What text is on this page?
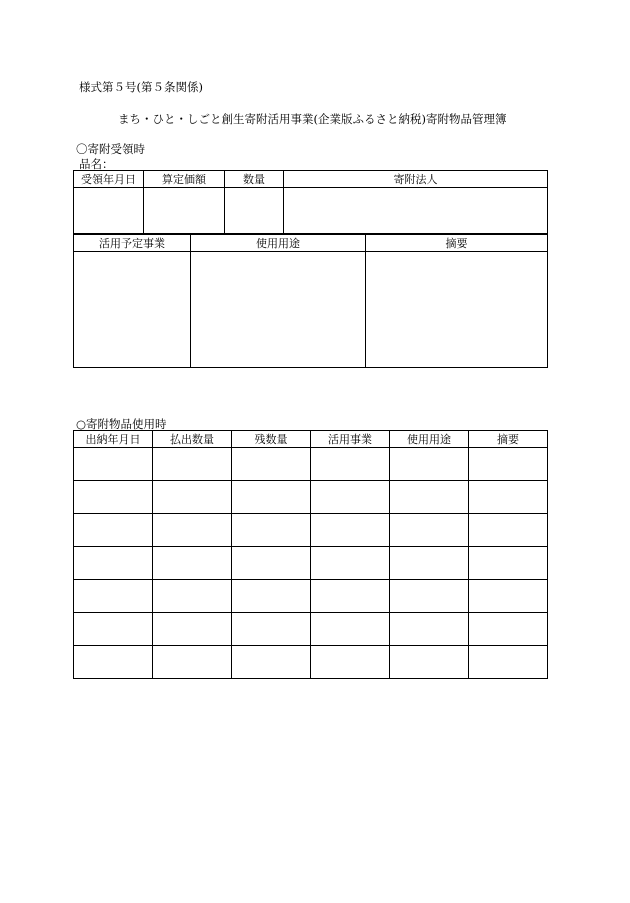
様式第５号(第５条関係)
まち・ひと・しごと創生寄附活用事業(企業版ふるさと納税)寄附物品管理簿
〇寄附受領時
品名：
受領年月日	算定価額	数量	寄附法人

活用予定事業	使用用途	摘要

○寄附物品使用時
出納年月日	払出数量	残数量	活用事業	使用用途	摘要
